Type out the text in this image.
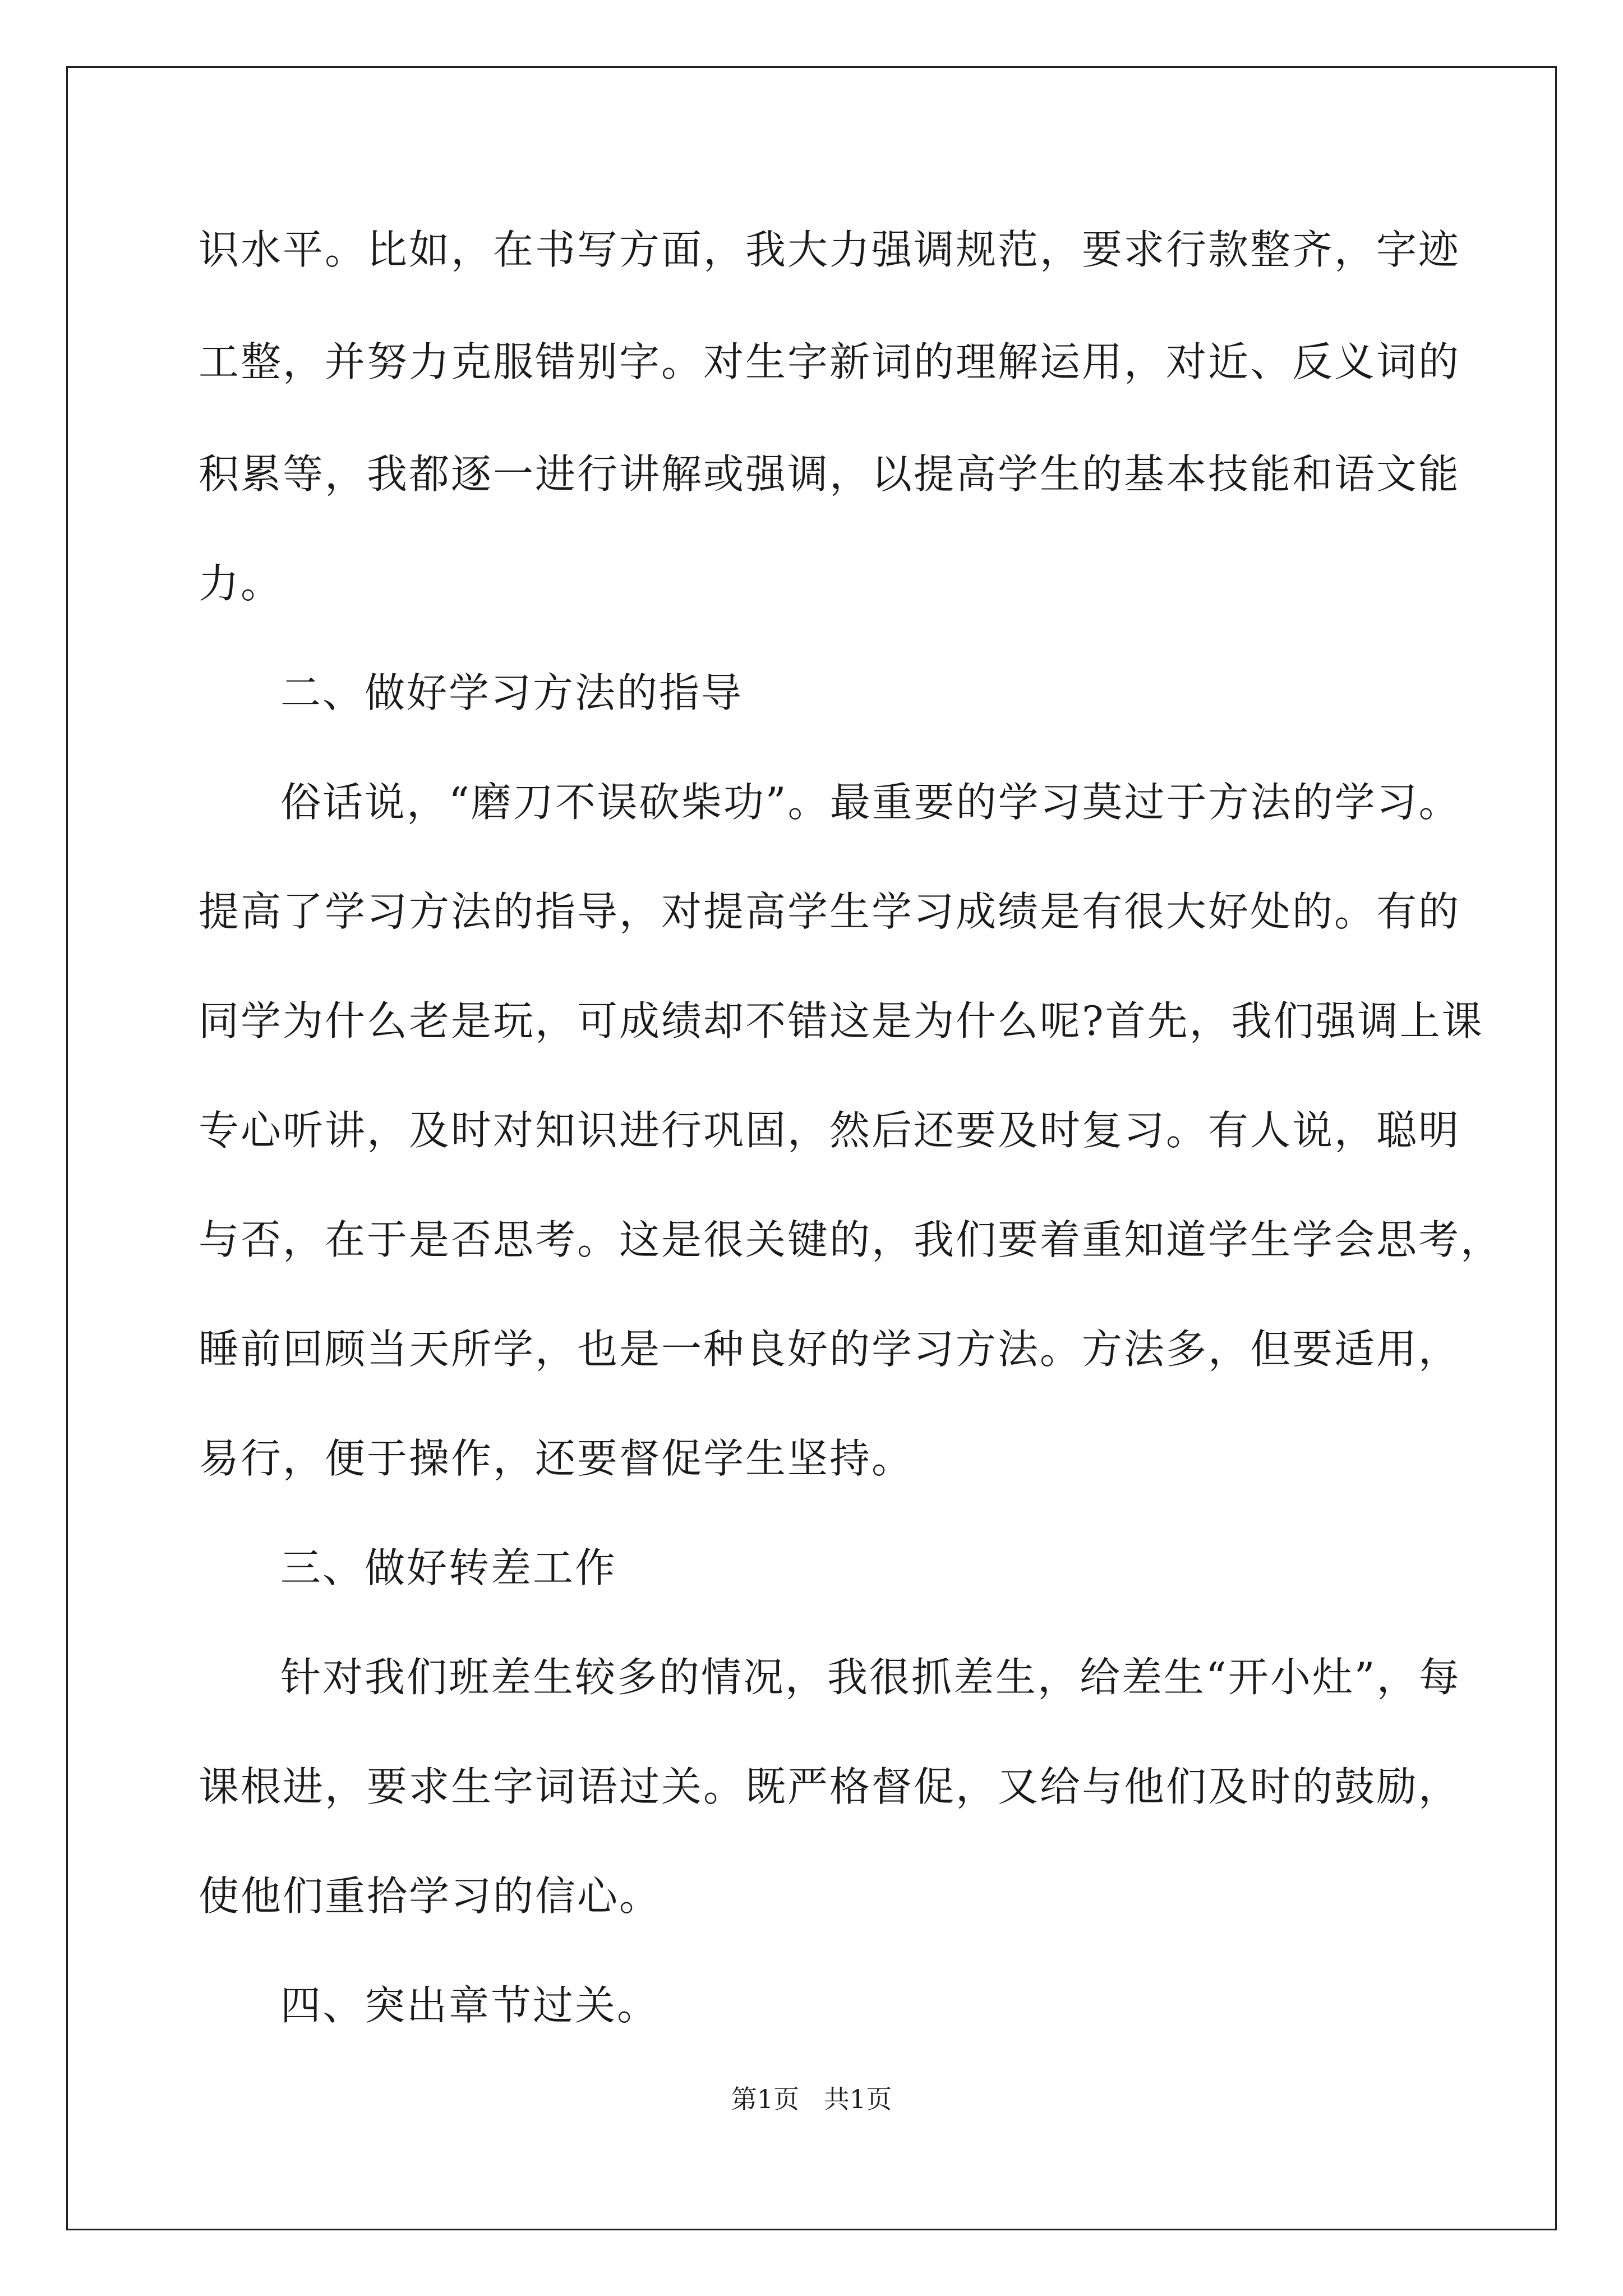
识水平。比如，在书写方面，我大力强调规范，要求行款整齐，字迹
工整，并努力克服错别字。对生字新词的理解运用，对近、反义词的
积累等，我都逐一进行讲解或强调，以提高学生的基本技能和语文能
力。
二、做好学习方法的指导
俗话说，“磨刀不误砍柴功”。最重要的学习莫过于方法的学习。
提高了学习方法的指导，对提高学生学习成绩是有很大好处的。有的
同学为什么老是玩，可成绩却不错这是为什么呢?首先，我们强调上课
专心听讲，及时对知识进行巩固，然后还要及时复习。有人说，聪明
与否，在于是否思考。这是很关键的，我们要着重知道学生学会思考，
睡前回顾当天所学，也是一种良好的学习方法。方法多，但要适用，
易行，便于操作，还要督促学生坚持。
三、做好转差工作
针对我们班差生较多的情况，我很抓差生，给差生“开小灶”，每
课根进，要求生字词语过关。既严格督促，又给与他们及时的鼓励，
使他们重拾学习的信心。
四、突出章节过关。
第1页   共1页
